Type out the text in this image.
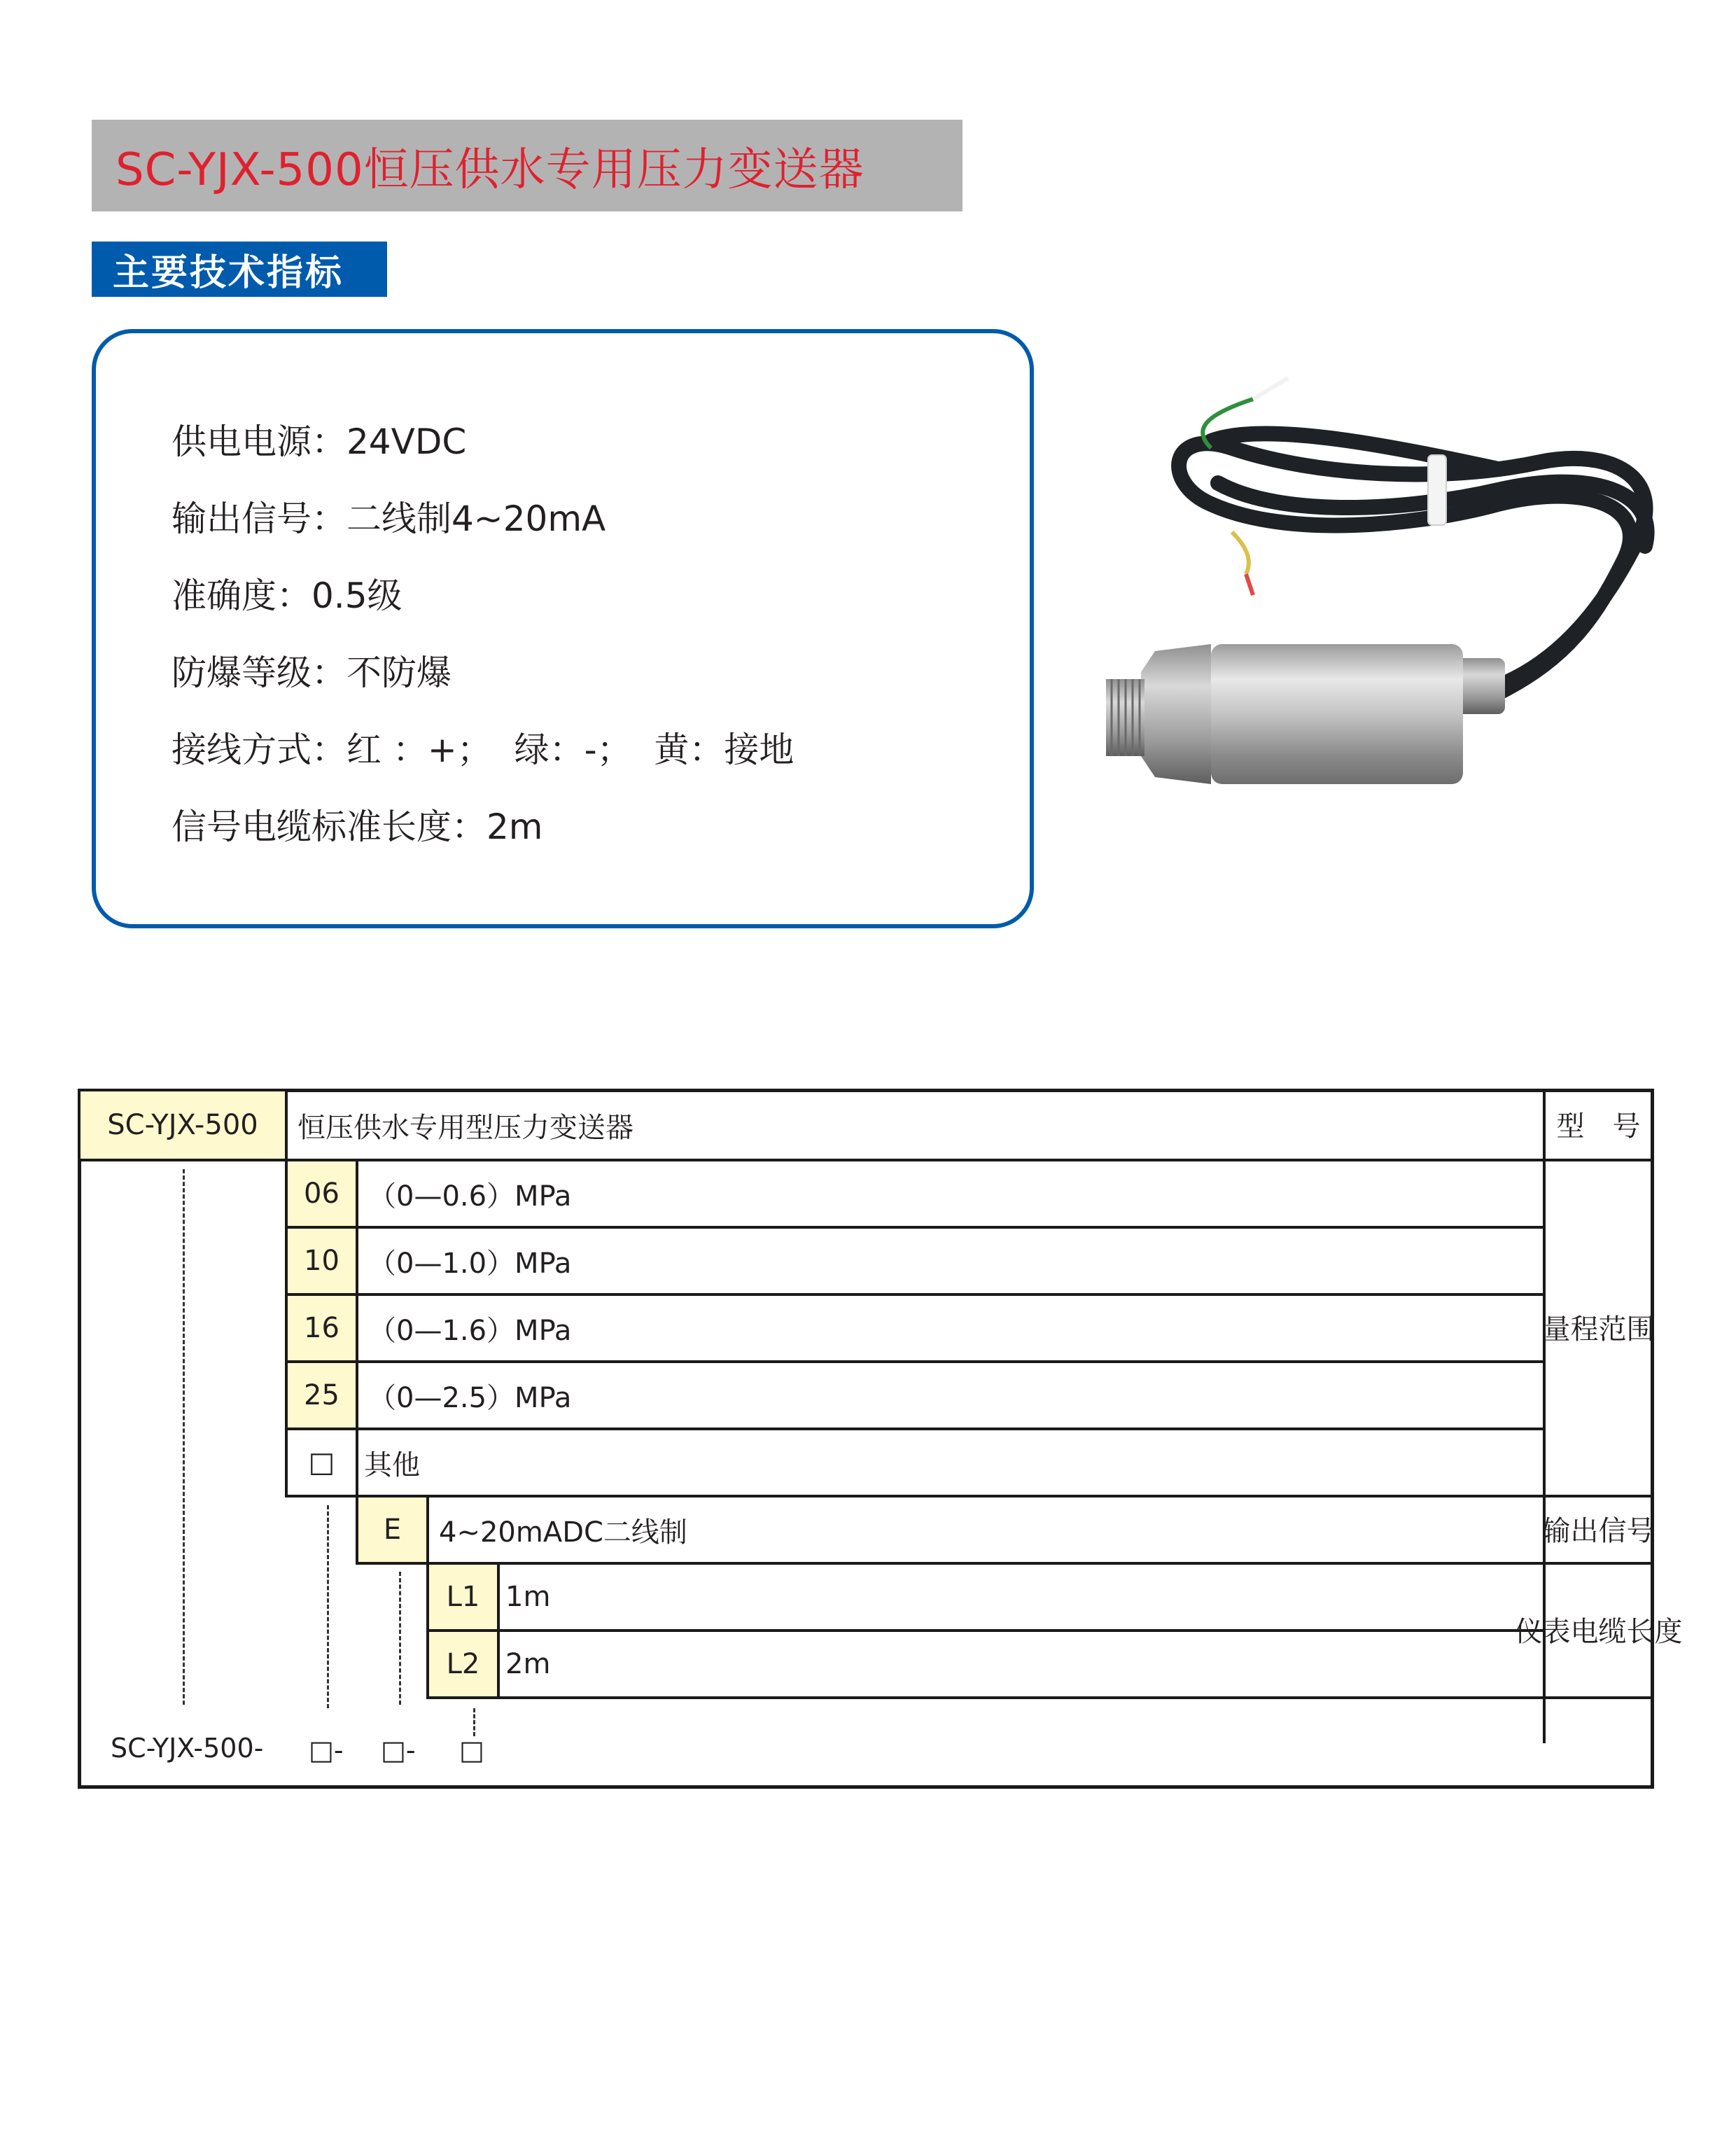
SC-YJX-500恒压供水专用压力变送器
主要技术指标
供电电源：24VDC
输出信号：二线制4~20mA
准确度：0.5级
防爆等级：不防爆
接线方式：红 ：+；  绿：-；  黄：接地
信号电缆标准长度：2m
SC-YJX-500	恒压供水专用型压力变送器	型　号
06	（0—0.6）MPa
10	（0—1.0）MPa
16	（0—1.6）MPa
25	（0—2.5）MPa
□	其他
量程范围
E	4~20mADC二线制	输出信号
L1 1m
L2 2m
仪表电缆长度
SC-YJX-500- □- □- □
